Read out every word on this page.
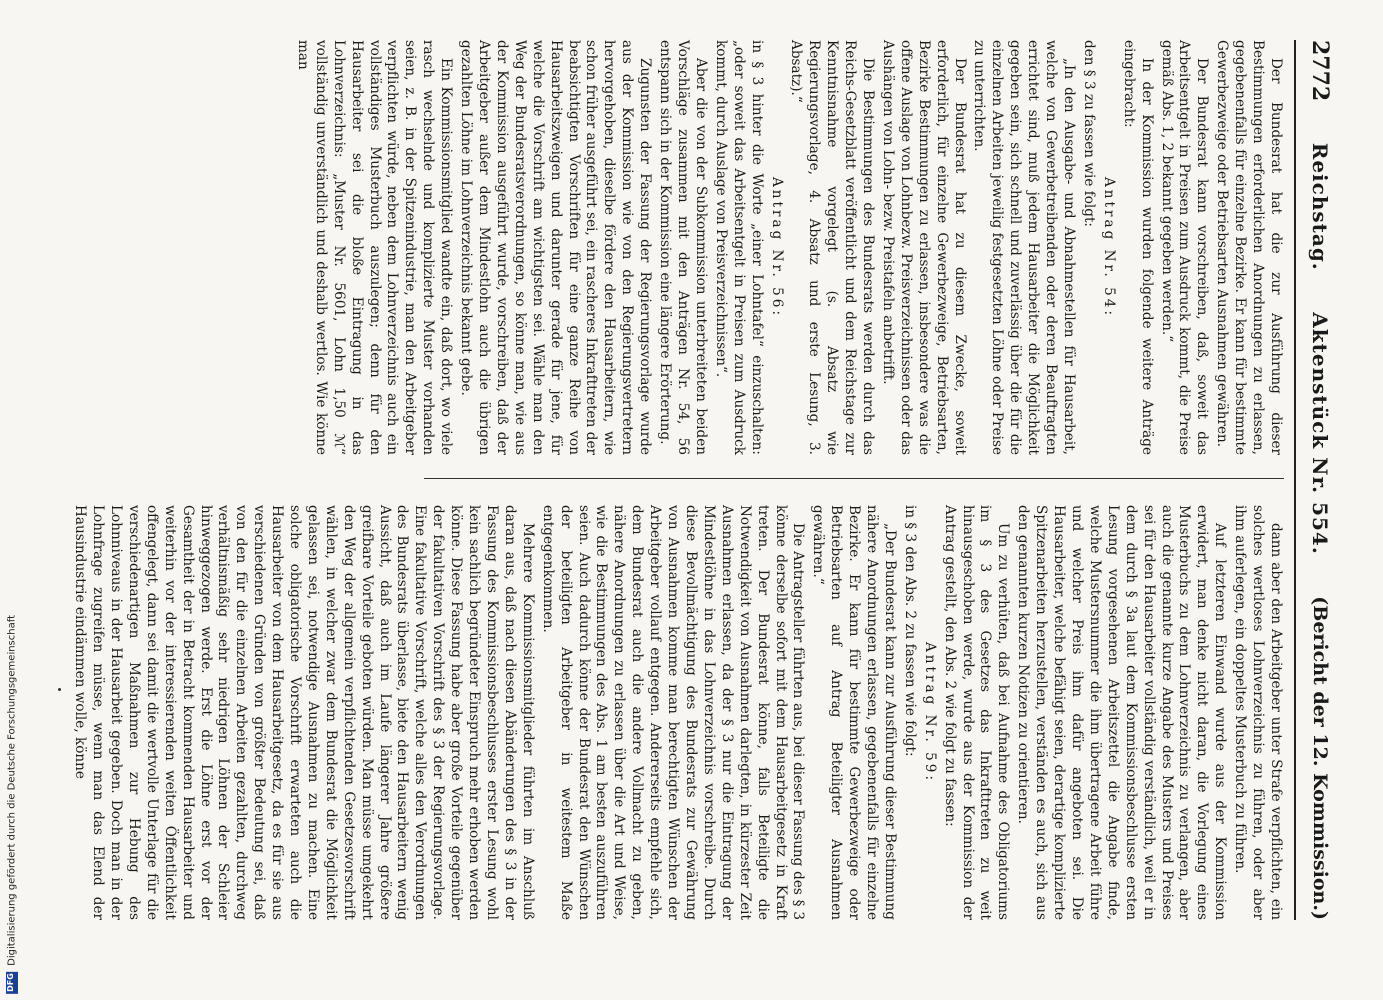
2772
Reichstag.
Aktenstück Nr. 554.
(Bericht der 12. Kommission.)

Der Bundesrat hat die zur Ausführung dieser Bestimmungen erforderlichen Anordnungen zu erlassen, gegebenenfalls für einzelne Bezirke. Er kann für bestimmte Gewerbezweige oder Betriebsarten Ausnahmen gewähren.

Der Bundesrat kann vorschreiben, daß, soweit das Arbeitsentgelt in Preisen zum Ausdruck kommt, die Preise gemäß Abs. 1, 2 bekannt gegeben werden.“

In der Kommission wurden folgende weitere Anträge eingebracht:

Antrag Nr. 54:

den § 3 zu fassen wie folgt:

„In den Ausgabe- und Abnahmestellen für Hausarbeit, welche von Gewerbetreibenden oder deren Beauftragten errichtet sind, muß jedem Hausarbeiter die Möglichkeit gegeben sein, sich schnell und zuverlässig über die für die einzelnen Arbeiten jeweilig festgesetzten Löhne oder Preise zu unterrichten.

Der Bundesrat hat zu diesem Zwecke, soweit erforderlich, für einzelne Gewerbezweige, Betriebsarten, Bezirke Bestimmungen zu erlassen, insbesondere was die offene Auslage von Lohnbezw. Preisverzeichnissen oder das Aushängen von Lohn- bezw. Preistafeln anbetrifft.

Die Bestimmungen des Bundesrats werden durch das Reichs-Gesetzblatt veröffentlicht und dem Reichstage zur Kenntnisnahme vorgelegt (s. Absatz wie Regierungsvorlage, 4. Absatz und erste Lesung, 3. Absatz).“

Antrag Nr. 56:

in § 3 hinter die Worte „einer Lohntafel“ einzuschalten: „oder soweit das Arbeitsentgelt in Preisen zum Ausdruck kommt, durch Auslage von Preisverzeichnissen“.

Aber die von der Subkommission unterbreiteten beiden Vorschläge zusammen mit den Anträgen Nr. 54, 56 entspann sich in der Kommission eine längere Erörterung.

Zugunsten der Fassung der Regierungsvorlage wurde aus der Kommission wie von den Regierungsvertretern hervorgehoben, dieselbe fördere den Hausarbeitern, wie schon früher ausgeführt sei, ein rascheres Inkrafttreten der beabsichtigten Vorschriften für eine ganze Reihe von Hausarbeitszweigen und darunter gerade für jene, für welche die Vorschrift am wichtigsten sei. Wähle man den Weg der Bundesratsverordnungen, so könne man, wie aus der Kommission ausgeführt wurde, vorschreiben, daß der Arbeitgeber außer dem Mindestlohn auch die übrigen gezahlten Löhne im Lohnverzeichnis bekannt gebe.

Ein Kommissionsmitglied wandte ein, daß dort, wo viele rasch wechselnde und komplizierte Muster vorhanden seien, z. B. in der Spitzenindustrie, man den Arbeitgeber verpflichten würde, neben dem Lohnverzeichnis auch ein vollständiges Musterbuch auszulegen; denn für den Hausarbeiter sei die bloße Eintragung in das Lohnverzeichnis: „Muster Nr. 5601, Lohn 1,50 ℳ“ vollständig unverständlich und deshalb wertlos. Wie könne man

dann aber den Arbeitgeber unter Strafe verpflichten, ein solches wertloses Lohnverzeichnis zu führen, oder aber ihm auferlegen, ein doppeltes Musterbuch zu führen.

Auf letzteren Einwand wurde aus der Kommission erwidert, man denke nicht daran, die Vorlegung eines Musterbuchs zu dem Lohnverzeichnis zu verlangen, aber auch die genannte kurze Angabe des Musters und Preises sei für den Hausarbeiter vollständig verständlich, weil er in dem durch § 3a laut dem Kommissionsbeschlusse ersten Lesung vorgesehenen Arbeitszettel die Angabe finde, welche Mustersnummer die ihm übertragene Arbeit führe und welcher Preis ihm dafür angeboten sei. Die Hausarbeiter, welche befähigt seien, derartige komplizierte Spitzenarbeiten herzustellen, verständen es auch, sich aus den genannten kurzen Notizen zu orientieren.

Um zu verhüten, daß bei Aufnahme des Obligatoriums im § 3 des Gesetzes das Inkrafttreten zu weit hinausgeschoben werde, wurde aus der Kommission der Antrag gestellt, den Abs. 2 wie folgt zu fassen:

Antrag Nr. 59:

in § 3 den Abs. 2 zu fassen wie folgt:

„Der Bundesrat kann zur Ausführung dieser Bestimmung nähere Anordnungen erlassen, gegebenenfalls für einzelne Bezirke. Er kann für bestimmte Gewerbezweige oder Betriebsarten auf Antrag Beteiligter Ausnahmen gewähren.“

Die Antragsteller führten aus, bei dieser Fassung des § 3 könne derselbe sofort mit dem Hausarbeitgesetz in Kraft treten. Der Bundesrat könne, falls Beteiligte die Notwendigkeit von Ausnahmen darlegten, in kürzester Zeit Ausnahmen erlassen, da der § 3 nur die Eintragung der Mindestlöhne in das Lohnverzeichnis vorschreibe. Durch diese Bevollmächtigung des Bundesrats zur Gewährung von Ausnahmen komme man berechtigten Wünschen der Arbeitgeber vollauf entgegen. Andererseits empfehle sich, dem Bundesrat auch die andere Vollmacht zu geben, nähere Anordnungen zu erlassen über die Art und Weise, wie die Bestimmungen des Abs. 1 am besten auszuführen seien. Auch dadurch könne der Bundesrat den Wünschen der beteiligten Arbeitgeber in weitestem Maße entgegenkommen.

Mehrere Kommissionsmitglieder führten im Anschluß daran aus, daß nach diesen Abänderungen des § 3 in der Fassung des Kommissionsbeschlusses erster Lesung wohl kein sachlich begründeter Einspruch mehr erhoben werden könne. Diese Fassung habe aber große Vorteile gegenüber der fakultativen Vorschrift des § 3 der Regierungsvorlage. Eine fakultative Vorschrift, welche alles den Verordnungen des Bundesrats überlasse, biete den Hausarbeitern wenig Aussicht, daß auch im Laufe längerer Jahre größere greifbare Vorteile geboten würden. Man müsse umgekehrt den Weg der allgemein verpflichtenden Gesetzesvorschrift wählen, in welcher zwar dem Bundesrat die Möglichkeit gelassen sei, notwendige Ausnahmen zu machen. Eine solche obligatorische Vorschrift erwarteten auch die Hausarbeiter von dem Hausarbeitgesetz, da es für sie aus verschiedenen Gründen von größter Bedeutung sei, daß von den für die einzelnen Arbeiten gezahlten, durchweg verhältnismäßig sehr niedrigen Löhnen der Schleier hinweggezogen werde. Erst die Löhne erst vor der Gesamtheit der in Betracht kommenden Hausarbeiter und weiterhin vor der interessierenden weiten Öffentlichkeit offengelegt, dann sei damit die wertvolle Unterlage für die verschiedenartigen Maßnahmen zur Hebung des Lohnniveaus in der Hausarbeit gegeben. Doch man in der Lohnfrage zugreifen müsse, wenn man das Elend der Hausindustrie eindämmen wolle, könne

DFG
Digitalisierung gefördert durch die Deutsche Forschungsgemeinschaft
